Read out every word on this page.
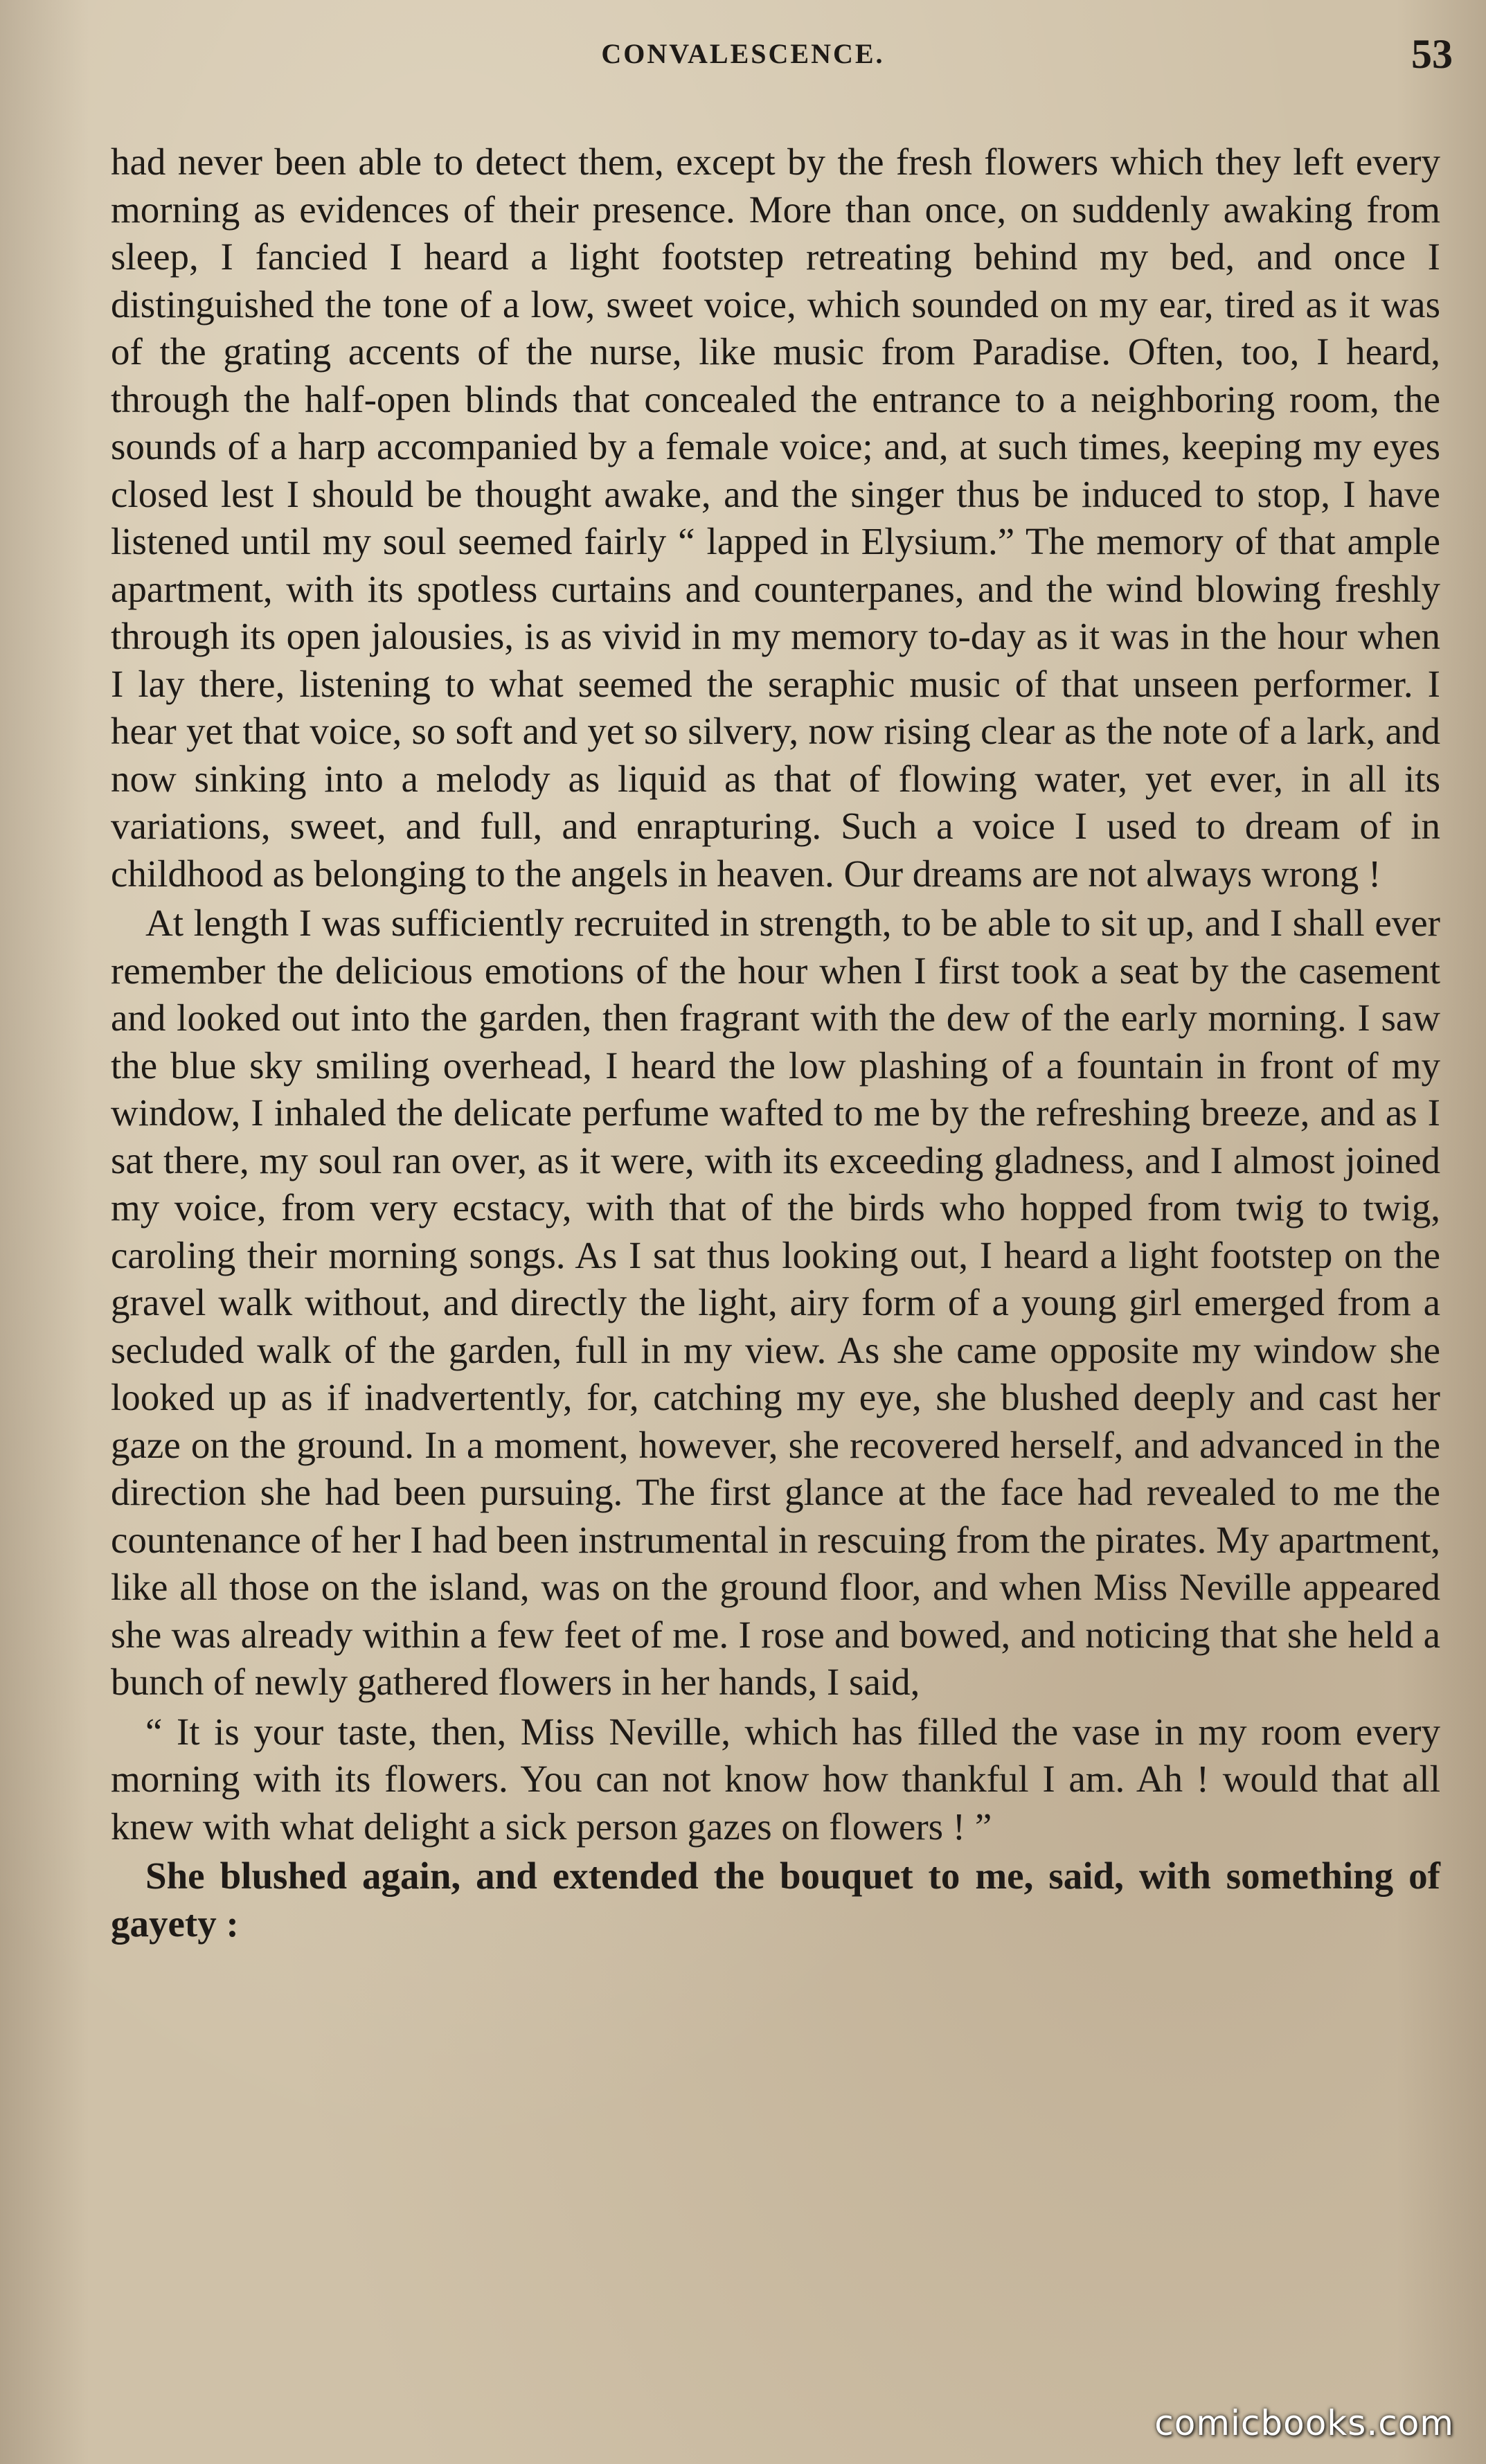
CONVALESCENCE.	53

had never been able to detect them, except by the fresh flowers which they left every morning as evidences of their presence. More than once, on suddenly awaking from sleep, I fancied I heard a light footstep retreating behind my bed, and once I distinguished the tone of a low, sweet voice, which sounded on my ear, tired as it was of the grating accents of the nurse, like music from Paradise. Often, too, I heard, through the half-open blinds that concealed the entrance to a neighboring room, the sounds of a harp accompanied by a female voice; and, at such times, keeping my eyes closed lest I should be thought awake, and the singer thus be induced to stop, I have listened until my soul seemed fairly “ lapped in Elysium.” The memory of that ample apartment, with its spotless curtains and counterpanes, and the wind blowing freshly through its open jalousies, is as vivid in my memory to-day as it was in the hour when I lay there, listening to what seemed the seraphic music of that unseen performer. I hear yet that voice, so soft and yet so silvery, now rising clear as the note of a lark, and now sinking into a melody as liquid as that of flowing water, yet ever, in all its variations, sweet, and full, and enrapturing. Such a voice I used to dream of in childhood as belonging to the angels in heaven. Our dreams are not always wrong !

At length I was sufficiently recruited in strength, to be able to sit up, and I shall ever remember the delicious emotions of the hour when I first took a seat by the casement and looked out into the garden, then fragrant with the dew of the early morning. I saw the blue sky smiling overhead, I heard the low plashing of a fountain in front of my window, I inhaled the delicate perfume wafted to me by the refreshing breeze, and as I sat there, my soul ran over, as it were, with its exceeding gladness, and I almost joined my voice, from very ecstacy, with that of the birds who hopped from twig to twig, caroling their morning songs. As I sat thus looking out, I heard a light footstep on the gravel walk without, and directly the light, airy form of a young girl emerged from a secluded walk of the garden, full in my view. As she came opposite my window she looked up as if inadvertently, for, catching my eye, she blushed deeply and cast her gaze on the ground. In a moment, however, she recovered herself, and advanced in the direction she had been pursuing. The first glance at the face had revealed to me the countenance of her I had been instrumental in rescuing from the pirates. My apartment, like all those on the island, was on the ground floor, and when Miss Neville appeared she was already within a few feet of me. I rose and bowed, and noticing that she held a bunch of newly gathered flowers in her hands, I said,

“ It is your taste, then, Miss Neville, which has filled the vase in my room every morning with its flowers. You can not know how thankful I am. Ah ! would that all knew with what delight a sick person gazes on flowers ! ”

She blushed again, and extended the bouquet to me, said, with something of gayety :

comicbooks.com
